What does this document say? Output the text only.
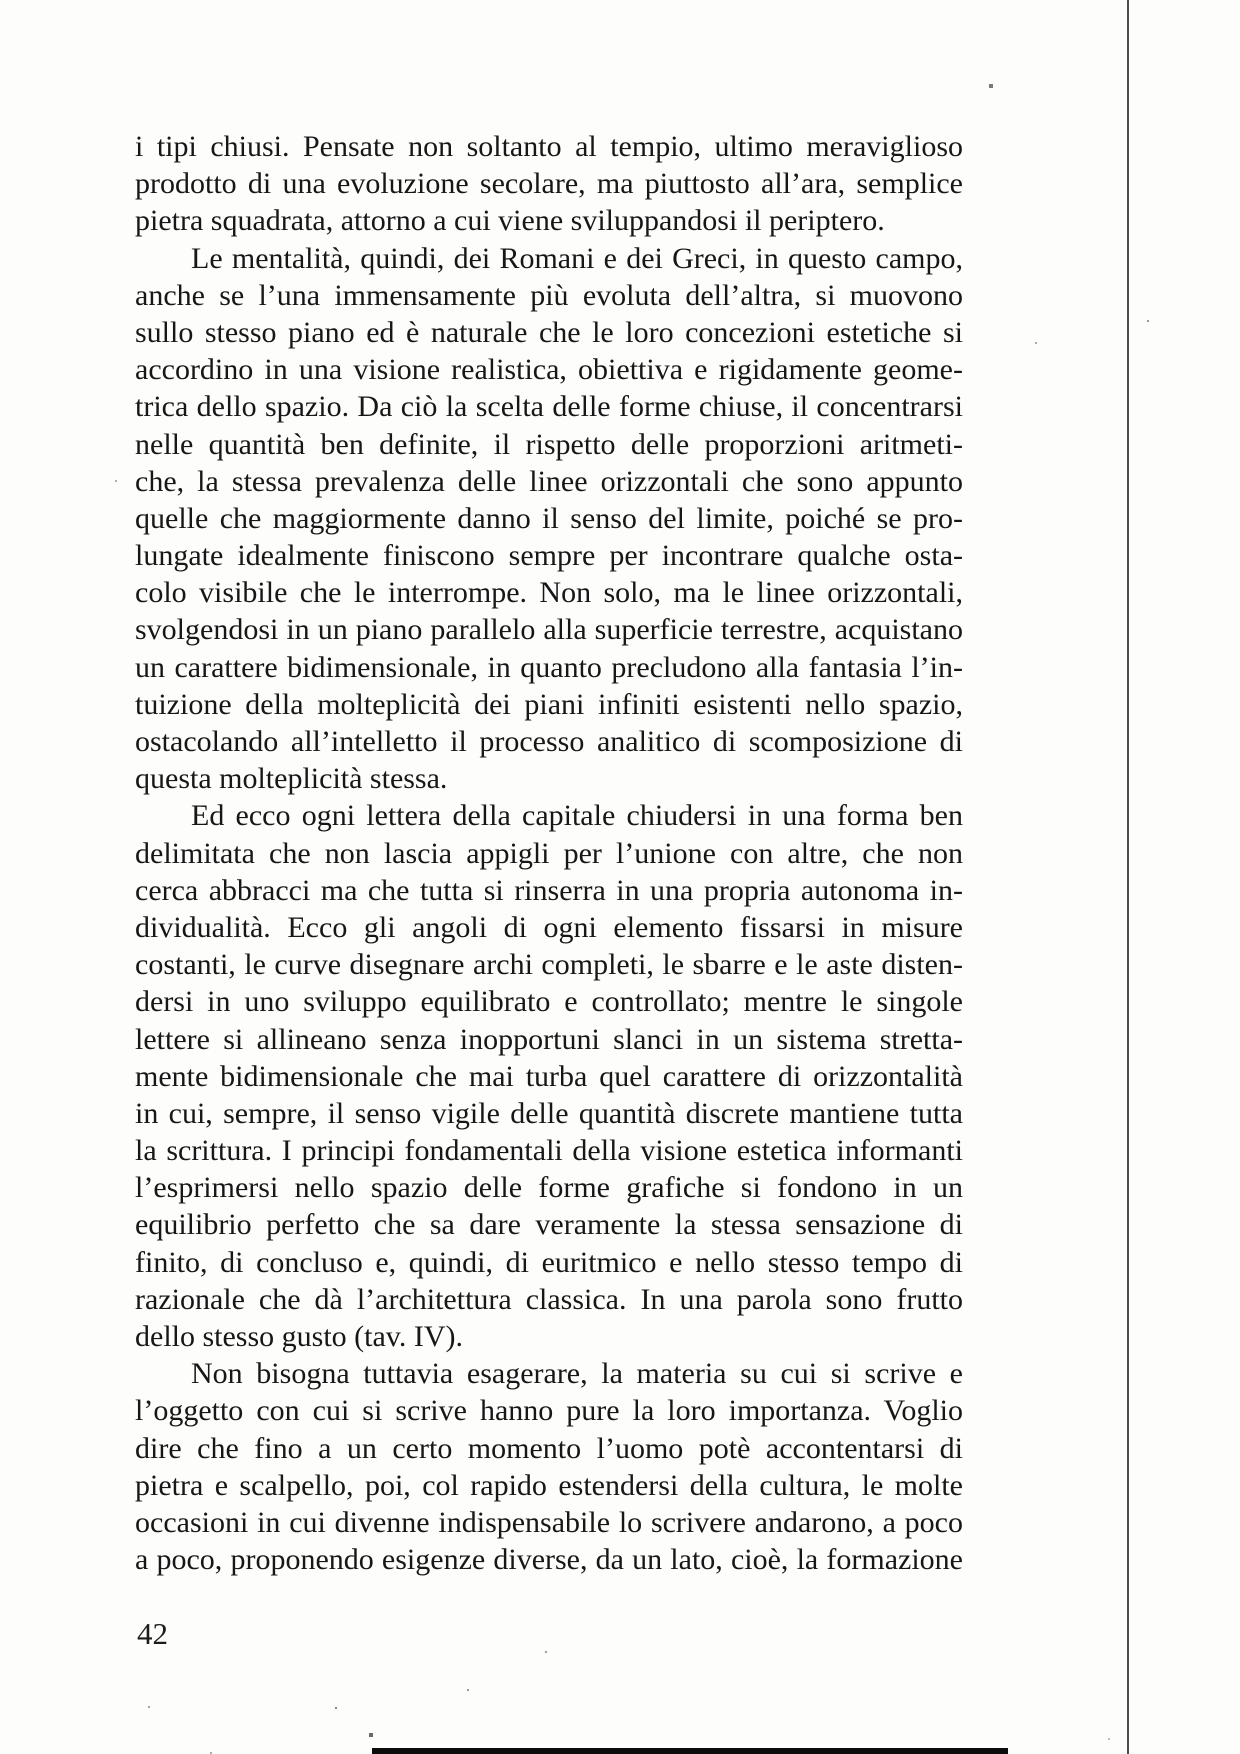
i tipi chiusi. Pensate non soltanto al tempio, ultimo meraviglioso
prodotto di una evoluzione secolare, ma piuttosto all’ara, semplice
pietra squadrata, attorno a cui viene sviluppandosi il periptero.
Le mentalità, quindi, dei Romani e dei Greci, in questo campo,
anche se l’una immensamente più evoluta dell’altra, si muovono
sullo stesso piano ed è naturale che le loro concezioni estetiche si
accordino in una visione realistica, obiettiva e rigidamente geome-
trica dello spazio. Da ciò la scelta delle forme chiuse, il concentrarsi
nelle quantità ben definite, il rispetto delle proporzioni aritmeti-
che, la stessa prevalenza delle linee orizzontali che sono appunto
quelle che maggiormente danno il senso del limite, poiché se pro-
lungate idealmente finiscono sempre per incontrare qualche osta-
colo visibile che le interrompe. Non solo, ma le linee orizzontali,
svolgendosi in un piano parallelo alla superficie terrestre, acquistano
un carattere bidimensionale, in quanto precludono alla fantasia l’in-
tuizione della molteplicità dei piani infiniti esistenti nello spazio,
ostacolando all’intelletto il processo analitico di scomposizione di
questa molteplicità stessa.
Ed ecco ogni lettera della capitale chiudersi in una forma ben
delimitata che non lascia appigli per l’unione con altre, che non
cerca abbracci ma che tutta si rinserra in una propria autonoma in-
dividualità. Ecco gli angoli di ogni elemento fissarsi in misure
costanti, le curve disegnare archi completi, le sbarre e le aste disten-
dersi in uno sviluppo equilibrato e controllato; mentre le singole
lettere si allineano senza inopportuni slanci in un sistema stretta-
mente bidimensionale che mai turba quel carattere di orizzontalità
in cui, sempre, il senso vigile delle quantità discrete mantiene tutta
la scrittura. I principi fondamentali della visione estetica informanti
l’esprimersi nello spazio delle forme grafiche si fondono in un
equilibrio perfetto che sa dare veramente la stessa sensazione di
finito, di concluso e, quindi, di euritmico e nello stesso tempo di
razionale che dà l’architettura classica. In una parola sono frutto
dello stesso gusto (tav. IV).
Non bisogna tuttavia esagerare, la materia su cui si scrive e
l’oggetto con cui si scrive hanno pure la loro importanza. Voglio
dire che fino a un certo momento l’uomo potè accontentarsi di
pietra e scalpello, poi, col rapido estendersi della cultura, le molte
occasioni in cui divenne indispensabile lo scrivere andarono, a poco
a poco, proponendo esigenze diverse, da un lato, cioè, la formazione
42
